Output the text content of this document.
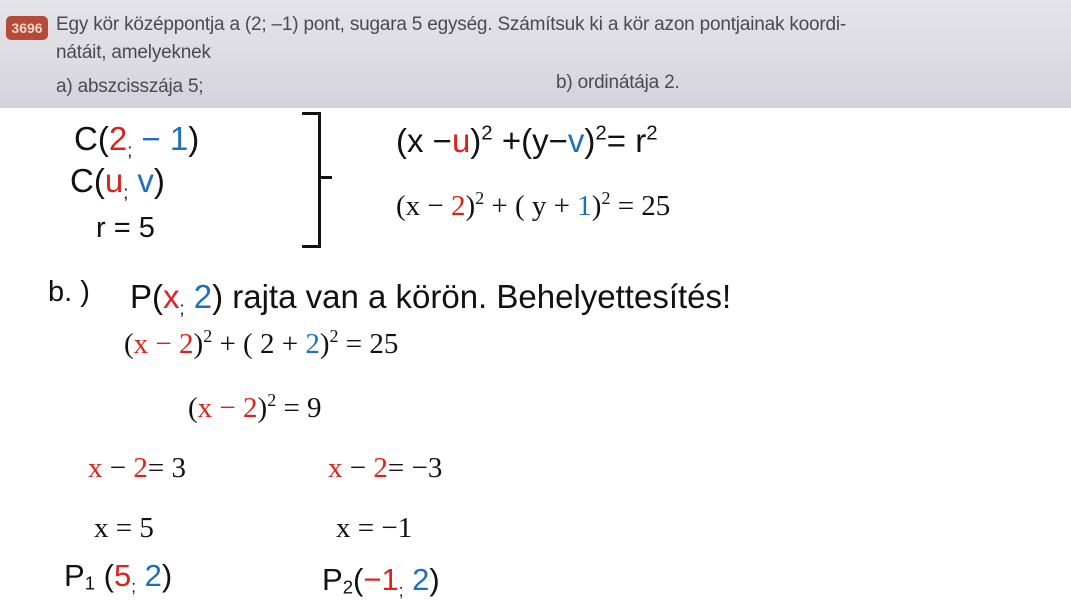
3696 Egy kör középpontja a (2; –1) pont, sugara 5 egység. Számítsuk ki a kör azon pontjainak koordi-
nátáit, amelyeknek
a) abszcisszája 5;	b) ordinátája 2.
C(2; − 1)
C(u; v)
r = 5
$(x -u)^2 +(y-v)^2= r^2$
$(x - 2)^2$ + ( y + 1)$^2$ = 25
b. ) P(x; 2) rajta van a körön. Behelyettesítés!
$(x - 2)^2$ + ( 2 + 2)$^2$ = 25
$(x - 2)^2 = 9$
x − 2= 3	x − 2= −3
x = 5	x = −1
$P_1$ (5; 2)	$P_2(-1$; 2)
